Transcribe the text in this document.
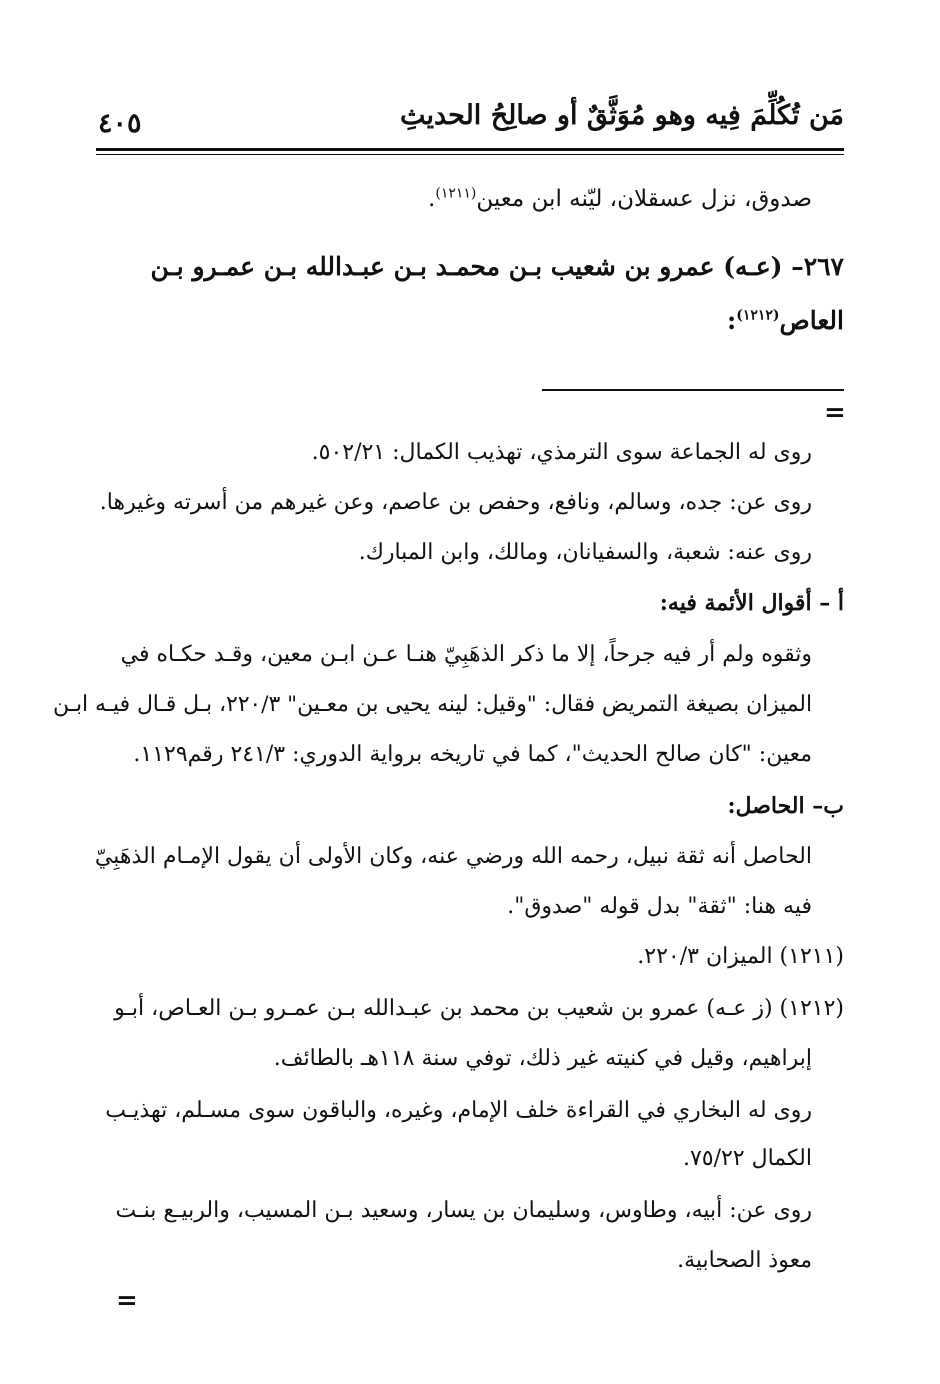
مَن تُكُلِّمَ فِيه وهو مُوَثَّقٌ أو صالِحُ الحديثِ
٤٠٥
صدوق، نزل عسقلان، ليّنه ابن معين$^{(١٢١١)}$.
٢٦٧– (عـه) عمرو بن شعيب بـن محمـد بـن عبـدالله بـن عمـرو بـن
العاص$^{(١٢١٢)}$:
=
روى له الجماعة سوى الترمذي، تهذيب الكمال: ٥٠٢/٢١.
روى عن: جده، وسالم، ونافع، وحفص بن عاصم، وعن غيرهم من أسرته وغيرها.
روى عنه: شعبة، والسفيانان، ومالك، وابن المبارك.
أ – أقوال الأئمة فيه:
وثقوه ولم أر فيه جرحاً، إلا ما ذكر الذهَبِيّ هنـا عـن ابـن معين، وقـد حكـاه في
الميزان بصيغة التمريض فقال: "وقيل: لينه يحيى بن معـين" ٢٢٠/٣، بـل قـال فيـه ابـن
معين: "كان صالح الحديث"، كما في تاريخه برواية الدوري: ٢٤١/٣ رقم١١٢٩.
ب– الحاصل:
الحاصل أنه ثقة نبيل، رحمه الله ورضي عنه، وكان الأولى أن يقول الإمـام الذهَبِيّ
فيه هنا: "ثقة" بدل قوله "صدوق".
(١٢١١) الميزان ٢٢٠/٣.
(١٢١٢) (ز عـه) عمرو بن شعيب بن محمد بن عبـدالله بـن عمـرو بـن العـاص، أبـو
إبراهيم، وقيل في كنيته غير ذلك، توفي سنة ١١٨هـ بالطائف.
روى له البخاري في القراءة خلف الإمام، وغيره، والباقون سوى مسـلم، تهذيـب
الكمال ٧٥/٢٢.
روى عن: أبيه، وطاوس، وسليمان بن يسار، وسعيد بـن المسيب، والربيـع بنـت
معوذ الصحابية.
=
